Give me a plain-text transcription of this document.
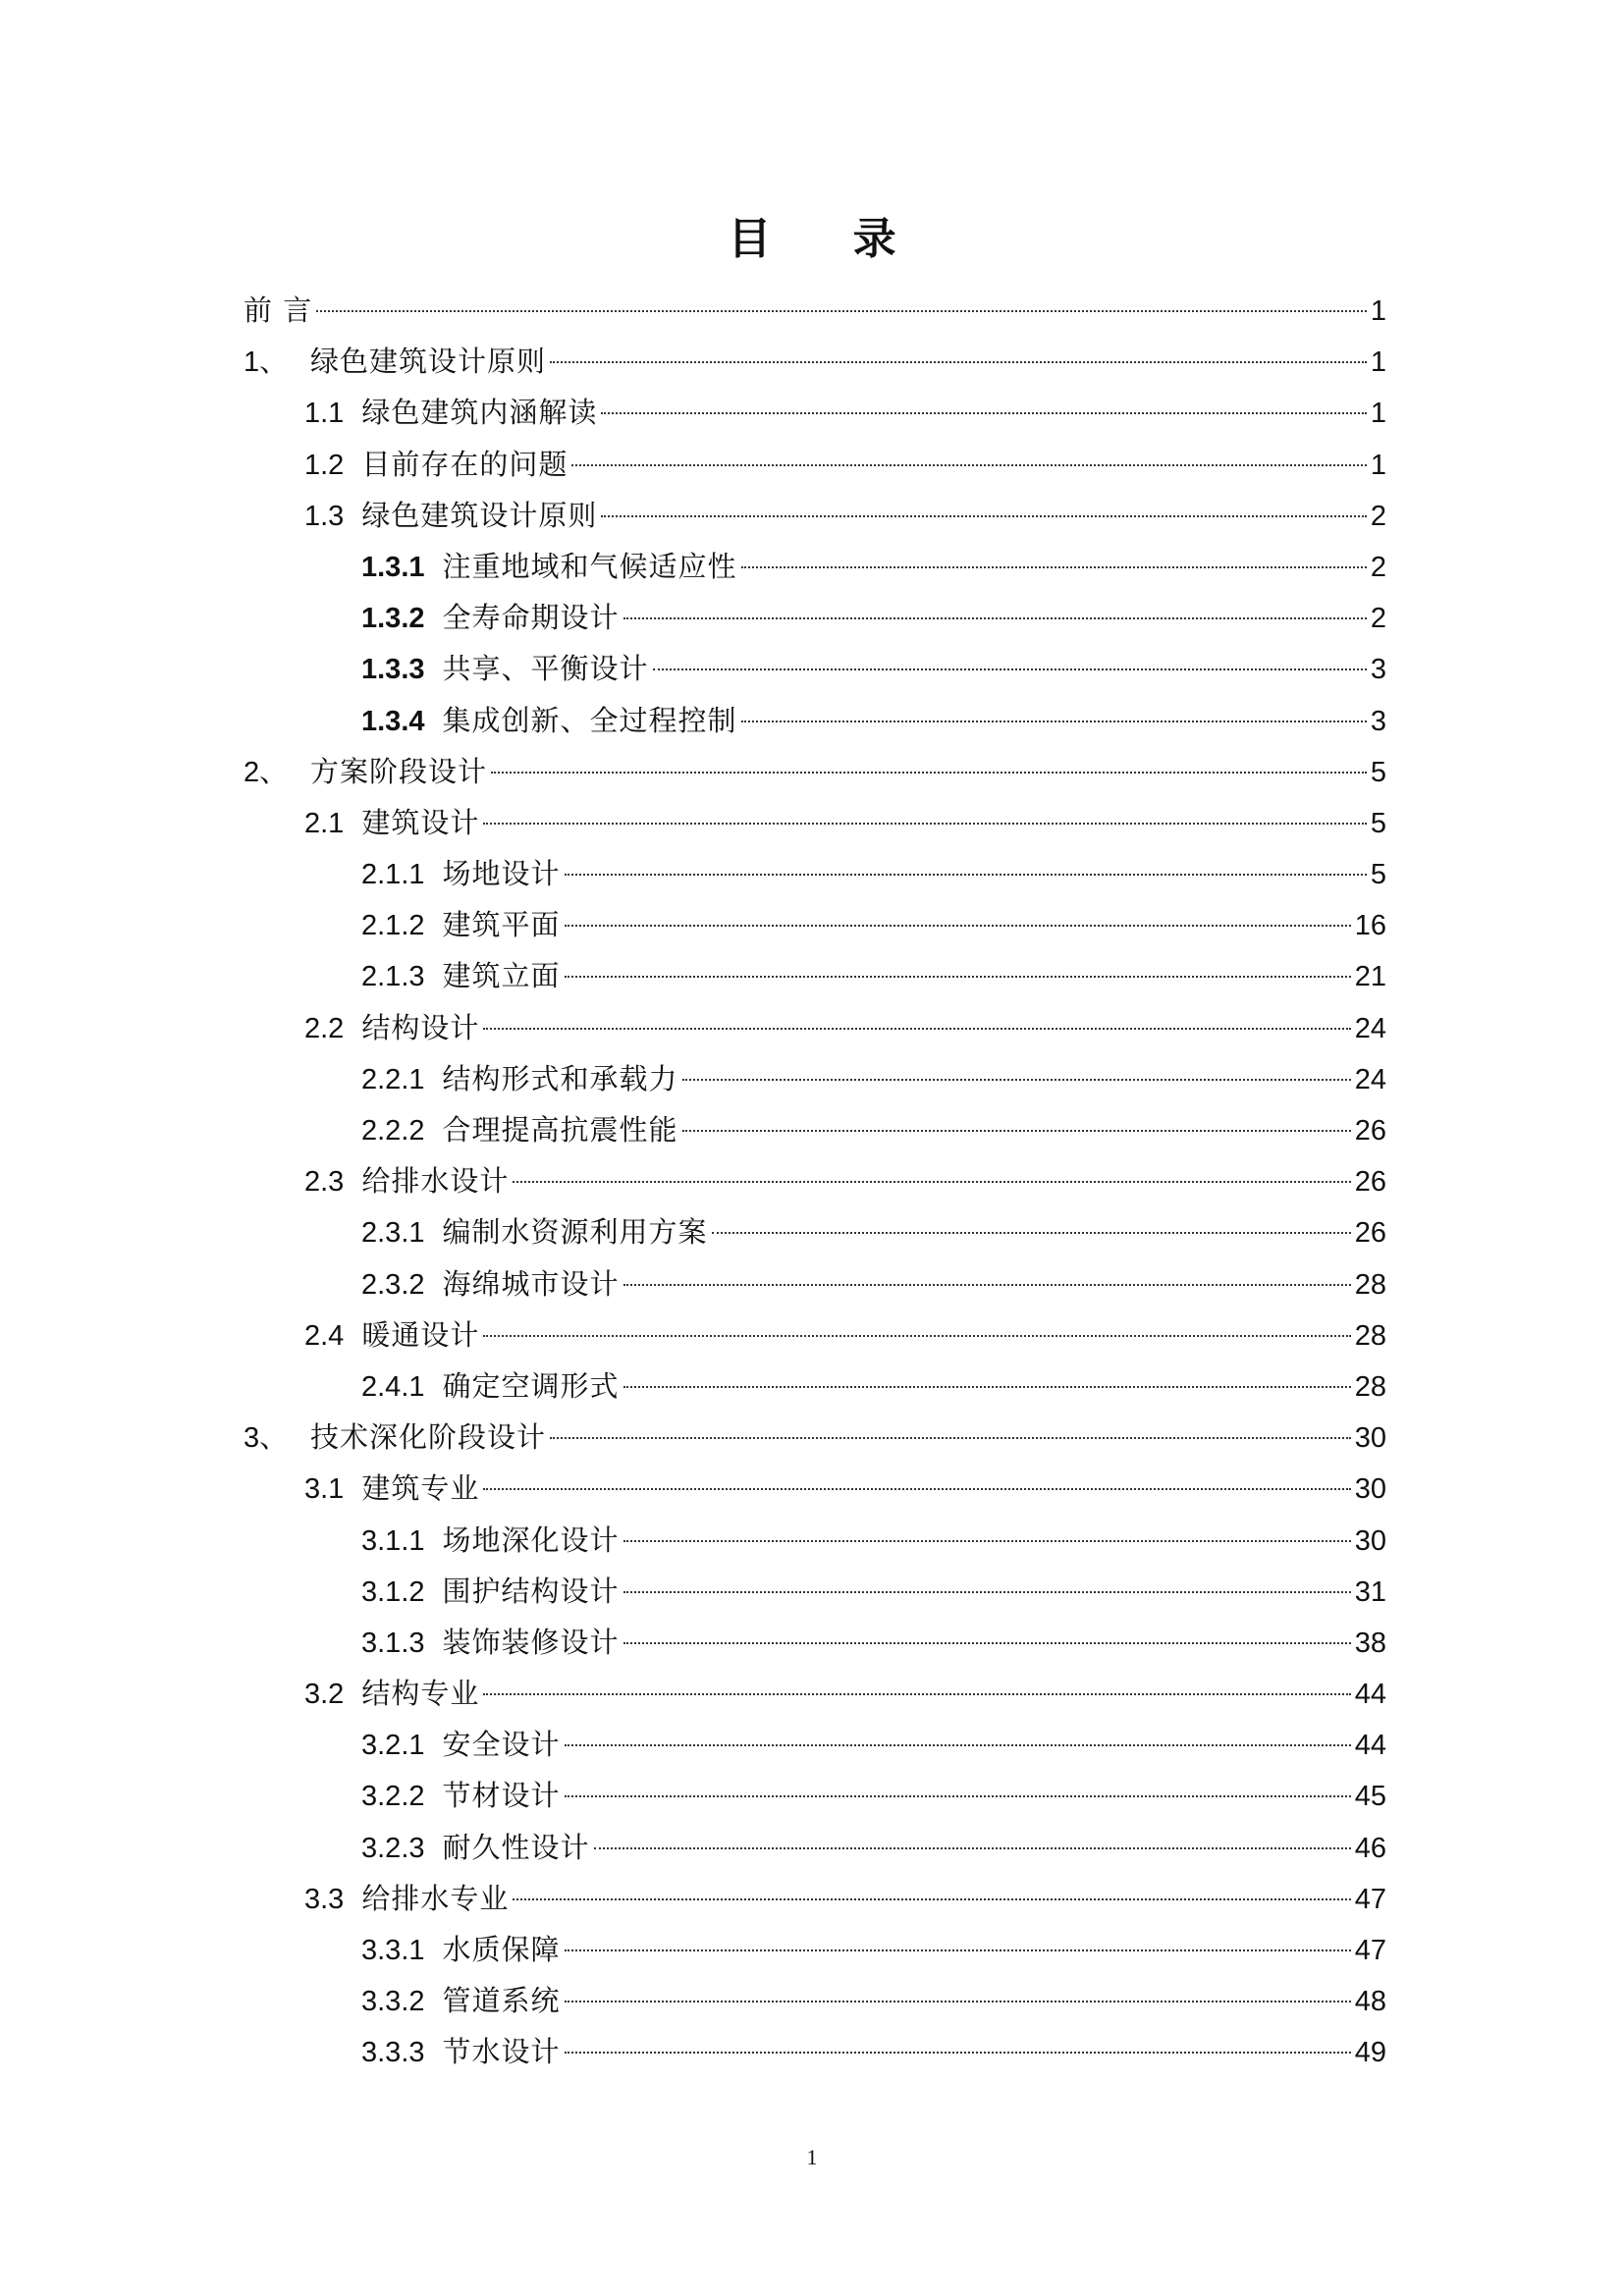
目 录
前 言	1
1、 绿色建筑设计原则	1
1.1 绿色建筑内涵解读	1
1.2 目前存在的问题	1
1.3 绿色建筑设计原则	2
1.3.1 注重地域和气候适应性	2
1.3.2 全寿命期设计	2
1.3.3 共享、平衡设计	3
1.3.4 集成创新、全过程控制	3
2、 方案阶段设计	5
2.1 建筑设计	5
2.1.1 场地设计	5
2.1.2 建筑平面	16
2.1.3 建筑立面	21
2.2 结构设计	24
2.2.1 结构形式和承载力	24
2.2.2 合理提高抗震性能	26
2.3 给排水设计	26
2.3.1 编制水资源利用方案	26
2.3.2 海绵城市设计	28
2.4 暖通设计	28
2.4.1 确定空调形式	28
3、 技术深化阶段设计	30
3.1 建筑专业	30
3.1.1 场地深化设计	30
3.1.2 围护结构设计	31
3.1.3 装饰装修设计	38
3.2 结构专业	44
3.2.1 安全设计	44
3.2.2 节材设计	45
3.2.3 耐久性设计	46
3.3 给排水专业	47
3.3.1 水质保障	47
3.3.2 管道系统	48
3.3.3 节水设计	49
1
